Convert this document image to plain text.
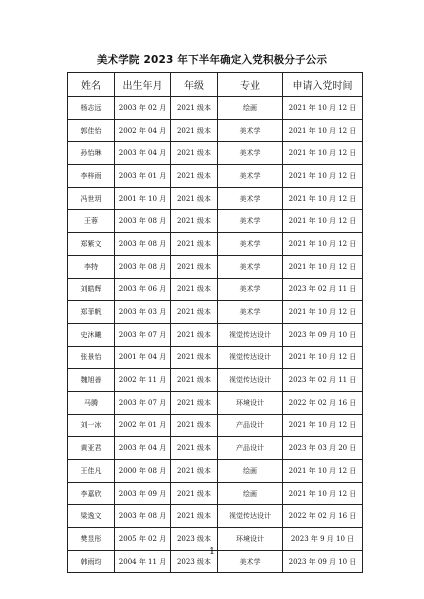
美术学院 2023 年下半年确定入党积极分子公示
姓名	出生年月	年级	专业	申请入党时间
杨志远	2003 年 02 月	2021 级本	绘画	2021 年 10 月 12 日
郭佳怡	2002 年 04 月	2021 级本	美术学	2021 年 10 月 12 日
孙怡琳	2003 年 04 月	2021 级本	美术学	2021 年 10 月 12 日
李梓雨	2003 年 01 月	2021 级本	美术学	2021 年 10 月 12 日
冯世玥	2001 年 10 月	2021 级本	美术学	2021 年 10 月 12 日
王蓉	2003 年 08 月	2021 级本	美术学	2021 年 10 月 12 日
郑紫文	2003 年 08 月	2021 级本	美术学	2021 年 10 月 12 日
李特	2003 年 08 月	2021 级本	美术学	2021 年 10 月 12 日
刘皓辉	2003 年 06 月	2021 级本	美术学	2023 年 02 月 11 日
郑菲帆	2003 年 03 月	2021 级本	美术学	2021 年 10 月 12 日
史沐曦	2003 年 07 月	2021 级本	视觉传达设计	2023 年 09 月 10 日
张景怡	2001 年 04 月	2021 级本	视觉传达设计	2021 年 10 月 12 日
魏旭善	2002 年 11 月	2021 级本	视觉传达设计	2023 年 02 月 11 日
马腾	2003 年 07 月	2021 级本	环境设计	2022 年 02 月 16 日
刘一冰	2002 年 01 月	2021 级本	产品设计	2021 年 10 月 12 日
黄亚君	2003 年 04 月	2021 级本	产品设计	2023 年 03 月 20 日
王佳凡	2000 年 08 月	2021 级本	绘画	2021 年 10 月 12 日
李嘉欣	2003 年 09 月	2021 级本	绘画	2021 年 10 月 12 日
梁逸文	2003 年 08 月	2021 级本	视觉传达设计	2022 年 02 月 16 日
樊昱彤	2005 年 02 月	2023 级本	环境设计	2023 年 9 月 10 日
韩雨均	2004 年 11 月	2023 级本	美术学	2023 年 09 月 10 日
1
